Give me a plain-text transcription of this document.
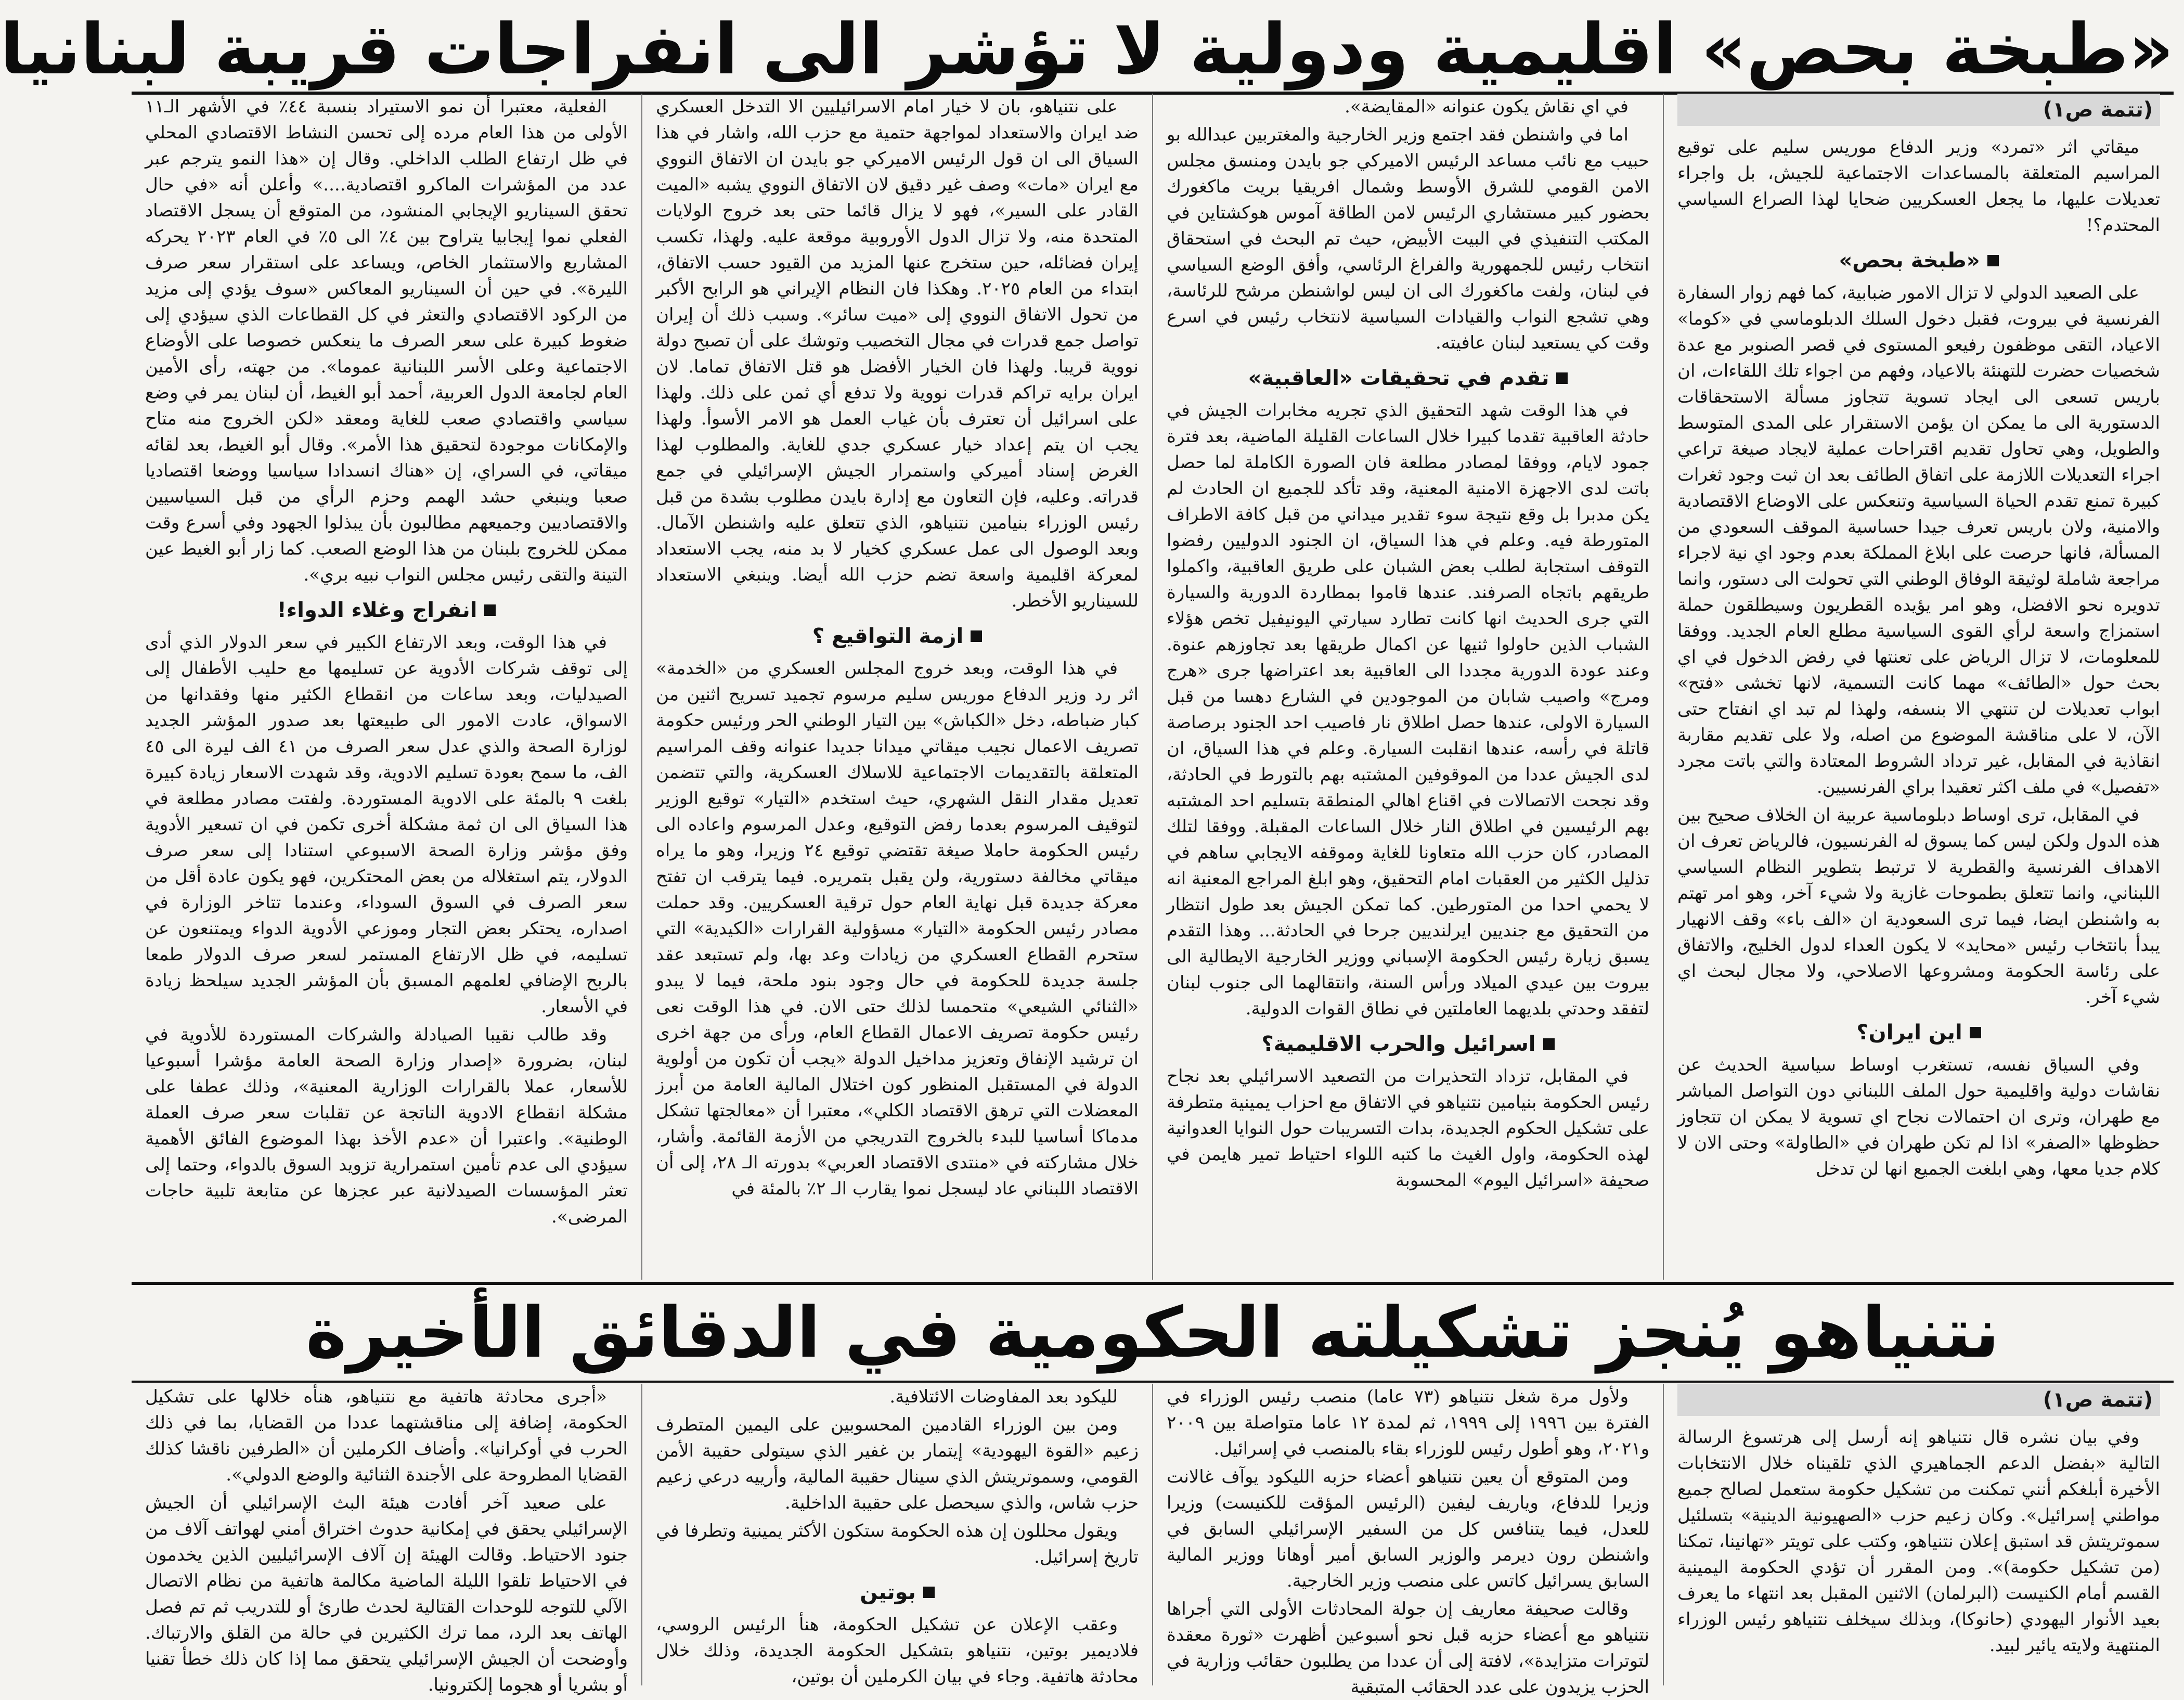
«طبخة بحص» اقليمية ودولية لا تؤشر الى انفراجات قريبة لبنانيا
(تتمة ص١)

ميقاتي اثر «تمرد» وزير الدفاع موريس سليم على توقيع المراسيم المتعلقة بالمساعدات الاجتماعية للجيش، بل واجراء تعديلات عليها، ما يجعل العسكريين ضحايا لهذا الصراع السياسي المحتدم؟!

«طبخة بحص»

على الصعيد الدولي لا تزال الامور ضبابية، كما فهم زوار السفارة الفرنسية في بيروت، فقبل دخول السلك الدبلوماسي في «كوما» الاعياد، التقى موظفون رفيعو المستوى في قصر الصنوبر مع عدة شخصيات حضرت للتهنئة بالاعياد، وفهم من اجواء تلك اللقاءات، ان باريس تسعى الى ايجاد تسوية تتجاوز مسألة الاستحقاقات الدستورية الى ما يمكن ان يؤمن الاستقرار على المدى المتوسط والطويل، وهي تحاول تقديم اقتراحات عملية لايجاد صيغة تراعي اجراء التعديلات اللازمة على اتفاق الطائف بعد ان ثبت وجود ثغرات كبيرة تمنع تقدم الحياة السياسية وتنعكس على الاوضاع الاقتصادية والامنية، ولان باريس تعرف جيدا حساسية الموقف السعودي من المسألة، فانها حرصت على ابلاغ المملكة بعدم وجود اي نية لاجراء مراجعة شاملة لوثيقة الوفاق الوطني التي تحولت الى دستور، وانما تدويره نحو الافضل، وهو امر يؤيده القطريون وسيطلقون حملة استمزاج واسعة لرأي القوى السياسية مطلع العام الجديد. ووفقا للمعلومات، لا تزال الرياض على تعنتها في رفض الدخول في اي بحث حول «الطائف» مهما كانت التسمية، لانها تخشى «فتح» ابواب تعديلات لن تنتهي الا بنسفه، ولهذا لم تبد اي انفتاح حتى الآن، لا على مناقشة الموضوع من اصله، ولا على تقديم مقاربة انقاذية في المقابل، غير ترداد الشروط المعتادة والتي باتت مجرد «تفصيل» في ملف اكثر تعقيدا براي الفرنسيين.

في المقابل، ترى اوساط دبلوماسية عربية ان الخلاف صحيح بين هذه الدول ولكن ليس كما يسوق له الفرنسيون، فالرياض تعرف ان الاهداف الفرنسية والقطرية لا ترتبط بتطوير النظام السياسي اللبناني، وانما تتعلق بطموحات غازية ولا شيء آخر، وهو امر تهتم به واشنطن ايضا، فيما ترى السعودية ان «الف باء» وقف الانهيار يبدأ بانتخاب رئيس «محايد» لا يكون العداء لدول الخليج، والاتفاق على رئاسة الحكومة ومشروعها الاصلاحي، ولا مجال لبحث اي شيء آخر.

اين ايران؟

وفي السياق نفسه، تستغرب اوساط سياسية الحديث عن نقاشات دولية واقليمية حول الملف اللبناني دون التواصل المباشر مع طهران، وترى ان احتمالات نجاح اي تسوية لا يمكن ان تتجاوز حظوظها «الصفر» اذا لم تكن طهران في «الطاولة» وحتى الان لا كلام جديا معها، وهي ابلغت الجميع انها لن تدخل

في اي نقاش يكون عنوانه «المقايضة».

اما في واشنطن فقد اجتمع وزير الخارجية والمغتربين عبدالله بو حبيب مع نائب مساعد الرئيس الاميركي جو بايدن ومنسق مجلس الامن القومي للشرق الأوسط وشمال افريقيا بريت ماكغورك بحضور كبير مستشاري الرئيس لامن الطاقة آموس هوكشتاين في المكتب التنفيذي في البيت الأبيض، حيث تم البحث في استحقاق انتخاب رئيس للجمهورية والفراغ الرئاسي، وأفق الوضع السياسي في لبنان، ولفت ماكغورك الى ان ليس لواشنطن مرشح للرئاسة، وهي تشجع النواب والقيادات السياسية لانتخاب رئيس في اسرع وقت كي يستعيد لبنان عافيته.

تقدم في تحقيقات «العاقبية»

في هذا الوقت شهد التحقيق الذي تجريه مخابرات الجيش في حادثة العاقبية تقدما كبيرا خلال الساعات القليلة الماضية، بعد فترة جمود لايام، ووفقا لمصادر مطلعة فان الصورة الكاملة لما حصل باتت لدى الاجهزة الامنية المعنية، وقد تأكد للجميع ان الحادث لم يكن مدبرا بل وقع نتيجة سوء تقدير ميداني من قبل كافة الاطراف المتورطة فيه. وعلم في هذا السياق، ان الجنود الدوليين رفضوا التوقف استجابة لطلب بعض الشبان على طريق العاقبية، واكملوا طريقهم باتجاه الصرفند. عندها قاموا بمطاردة الدورية والسيارة التي جرى الحديث انها كانت تطارد سيارتي اليونيفيل تخص هؤلاء الشباب الذين حاولوا ثنيها عن اكمال طريقها بعد تجاوزهم عنوة. وعند عودة الدورية مجددا الى العاقبية بعد اعتراضها جرى «هرج ومرج» واصيب شابان من الموجودين في الشارع دهسا من قبل السيارة الاولى، عندها حصل اطلاق نار فاصيب احد الجنود برصاصة قاتلة في رأسه، عندها انقلبت السيارة. وعلم في هذا السياق، ان لدى الجيش عددا من الموقوفين المشتبه بهم بالتورط في الحادثة، وقد نجحت الاتصالات في اقناع اهالي المنطقة بتسليم احد المشتبه بهم الرئيسين في اطلاق النار خلال الساعات المقبلة. ووفقا لتلك المصادر، كان حزب الله متعاونا للغاية وموقفه الايجابي ساهم في تذليل الكثير من العقبات امام التحقيق، وهو ابلغ المراجع المعنية انه لا يحمي احدا من المتورطين. كما تمكن الجيش بعد طول انتظار من التحقيق مع جنديين ايرلنديين جرحا في الحادثة... وهذا التقدم يسبق زيارة رئيس الحكومة الإسباني ووزير الخارجية الايطالية الى بيروت بين عيدي الميلاد ورأس السنة، وانتقالهما الى جنوب لبنان لتفقد وحدتي بلديهما العاملتين في نطاق القوات الدولية.

اسرائيل والحرب الاقليمية؟

في المقابل، تزداد التحذيرات من التصعيد الاسرائيلي بعد نجاح رئيس الحكومة بنيامين نتنياهو في الاتفاق مع احزاب يمينية متطرفة على تشكيل الحكوم الجديدة، بدات التسريبات حول النوايا العدوانية لهذه الحكومة، واول الغيث ما كتبه اللواء احتياط تمير هايمن في صحيفة «اسرائيل اليوم» المحسوبة

على نتنياهو، بان لا خيار امام الاسرائيليين الا التدخل العسكري ضد ايران والاستعداد لمواجهة حتمية مع حزب الله، واشار في هذا السياق الى ان قول الرئيس الاميركي جو بايدن ان الاتفاق النووي مع ايران «مات» وصف غير دقيق لان الاتفاق النووي يشبه «الميت القادر على السير»، فهو لا يزال قائما حتى بعد خروج الولايات المتحدة منه، ولا تزال الدول الأوروبية موقعة عليه. ولهذا، تكسب إيران فضائله، حين ستخرج عنها المزيد من القيود حسب الاتفاق، ابتداء من العام ٢٠٢٥. وهكذا فان النظام الإيراني هو الرابح الأكبر من تحول الاتفاق النووي إلى «ميت سائر». وسبب ذلك أن إيران تواصل جمع قدرات في مجال التخصيب وتوشك على أن تصبح دولة نووية قريبا. ولهذا فان الخيار الأفضل هو قتل الاتفاق تماما. لان ايران برايه تراكم قدرات نووية ولا تدفع أي ثمن على ذلك. ولهذا على اسرائيل أن تعترف بأن غياب العمل هو الامر الأسوأ. ولهذا يجب ان يتم إعداد خيار عسكري جدي للغاية. والمطلوب لهذا الغرض إسناد أميركي واستمرار الجيش الإسرائيلي في جمع قدراته. وعليه، فإن التعاون مع إدارة بايدن مطلوب بشدة من قبل رئيس الوزراء بنيامين نتنياهو، الذي تتعلق عليه واشنطن الآمال. وبعد الوصول الى عمل عسكري كخيار لا بد منه، يجب الاستعداد لمعركة اقليمية واسعة تضم حزب الله أيضا. وينبغي الاستعداد للسيناريو الأخطر.

ازمة التواقيع ؟

في هذا الوقت، وبعد خروج المجلس العسكري من «الخدمة» اثر رد وزير الدفاع موريس سليم مرسوم تجميد تسريح اثنين من كبار ضباطه، دخل «الكباش» بين التيار الوطني الحر ورئيس حكومة تصريف الاعمال نجيب ميقاتي ميدانا جديدا عنوانه وقف المراسيم المتعلقة بالتقديمات الاجتماعية للاسلاك العسكرية، والتي تتضمن تعديل مقدار النقل الشهري، حيث استخدم «التيار» توقيع الوزير لتوقيف المرسوم بعدما رفض التوقيع، وعدل المرسوم واعاده الى رئيس الحكومة حاملا صيغة تقتضي توقيع ٢٤ وزيرا، وهو ما يراه ميقاتي مخالفة دستورية، ولن يقبل بتمريره. فيما يترقب ان تفتح معركة جديدة قبل نهاية العام حول ترقية العسكريين. وقد حملت مصادر رئيس الحكومة «التيار» مسؤولية القرارات «الكيدية» التي ستحرم القطاع العسكري من زيادات وعد بها، ولم تستبعد عقد جلسة جديدة للحكومة في حال وجود بنود ملحة، فيما لا يبدو «الثنائي الشيعي» متحمسا لذلك حتى الان. في هذا الوقت نعى رئيس حكومة تصريف الاعمال القطاع العام، ورأى من جهة اخرى ان ترشيد الإنفاق وتعزيز مداخيل الدولة «يجب أن تكون من أولوية الدولة في المستقبل المنظور كون اختلال المالية العامة من أبرز المعضلات التي ترهق الاقتصاد الكلي»، معتبرا أن «معالجتها تشكل مدماكا أساسيا للبدء بالخروج التدريجي من الأزمة القائمة. وأشار، خلال مشاركته في «منتدى الاقتصاد العربي» بدورته الـ ٢٨، إلى أن الاقتصاد اللبناني عاد ليسجل نموا يقارب الـ ٢٪ بالمئة في

الفعلية، معتبرا أن نمو الاستيراد بنسبة ٤٤٪ في الأشهر الـ١١ الأولى من هذا العام مرده إلى تحسن النشاط الاقتصادي المحلي في ظل ارتفاع الطلب الداخلي. وقال إن «هذا النمو يترجم عبر عدد من المؤشرات الماكرو اقتصادية....» وأعلن أنه «في حال تحقق السيناريو الإيجابي المنشود، من المتوقع أن يسجل الاقتصاد الفعلي نموا إيجابيا يتراوح بين ٤٪ الى ٥٪ في العام ٢٠٢٣ يحركه المشاريع والاستثمار الخاص، ويساعد على استقرار سعر صرف الليرة». في حين أن السيناريو المعاكس «سوف يؤدي إلى مزيد من الركود الاقتصادي والتعثر في كل القطاعات الذي سيؤدي إلى ضغوط كبيرة على سعر الصرف ما ينعكس خصوصا على الأوضاع الاجتماعية وعلى الأسر اللبنانية عموما». من جهته، رأى الأمين العام لجامعة الدول العربية، أحمد أبو الغيط، أن لبنان يمر في وضع سياسي واقتصادي صعب للغاية ومعقد «لكن الخروج منه متاح والإمكانات موجودة لتحقيق هذا الأمر». وقال أبو الغيط، بعد لقائه ميقاتي، في السراي، إن «هناك انسدادا سياسيا ووضعا اقتصاديا صعبا وينبغي حشد الهمم وحزم الرأي من قبل السياسيين والاقتصاديين وجميعهم مطالبون بأن يبذلوا الجهود وفي أسرع وقت ممكن للخروج بلبنان من هذا الوضع الصعب. كما زار أبو الغيط عين التينة والتقى رئيس مجلس النواب نبيه بري».

انفراج وغلاء الدواء!

في هذا الوقت، وبعد الارتفاع الكبير في سعر الدولار الذي أدى إلى توقف شركات الأدوية عن تسليمها مع حليب الأطفال إلى الصيدليات، وبعد ساعات من انقطاع الكثير منها وفقدانها من الاسواق، عادت الامور الى طبيعتها بعد صدور المؤشر الجديد لوزارة الصحة والذي عدل سعر الصرف من ٤١ الف ليرة الى ٤٥ الف، ما سمح بعودة تسليم الادوية، وقد شهدت الاسعار زيادة كبيرة بلغت ٩ بالمئة على الادوية المستوردة. ولفتت مصادر مطلعة في هذا السياق الى ان ثمة مشكلة أخرى تكمن في ان تسعير الأدوية وفق مؤشر وزارة الصحة الاسبوعي استنادا إلى سعر صرف الدولار، يتم استغلاله من بعض المحتكرين، فهو يكون عادة أقل من سعر الصرف في السوق السوداء، وعندما تتاخر الوزارة في اصداره، يحتكر بعض التجار وموزعي الأدوية الدواء ويمتنعون عن تسليمه، في ظل الارتفاع المستمر لسعر صرف الدولار طمعا بالربح الإضافي لعلمهم المسبق بأن المؤشر الجديد سيلحظ زيادة في الأسعار.

وقد طالب نقيبا الصيادلة والشركات المستوردة للأدوية في لبنان، بضرورة «إصدار وزارة الصحة العامة مؤشرا أسبوعيا للأسعار، عملا بالقرارات الوزارية المعنية»، وذلك عطفا على مشكلة انقطاع الادوية الناتجة عن تقلبات سعر صرف العملة الوطنية». واعتبرا أن «عدم الأخذ بهذا الموضوع الفائق الأهمية سيؤدي الى عدم تأمين استمرارية تزويد السوق بالدواء، وحتما إلى تعثر المؤسسات الصيدلانية عبر عجزها عن متابعة تلبية حاجات المرضى».

نتنياهو يُنجز تشكيلته الحكومية في الدقائق الأخيرة
(تتمة ص١)

وفي بيان نشره قال نتنياهو إنه أرسل إلى هرتسوغ الرسالة التالية «بفضل الدعم الجماهيري الذي تلقيناه خلال الانتخابات الأخيرة أبلغكم أنني تمكنت من تشكيل حكومة ستعمل لصالح جميع مواطني إسرائيل». وكان زعيم حزب «الصهيونية الدينية» بتسلئيل سموتريتش قد استبق إعلان نتنياهو، وكتب على تويتر «تهانينا، تمكنا (من تشكيل حكومة)». ومن المقرر أن تؤدي الحكومة اليمينية القسم أمام الكنيست (البرلمان) الاثنين المقبل بعد انتهاء ما يعرف بعيد الأنوار اليهودي (حانوكا)، وبذلك سيخلف نتنياهو رئيس الوزراء المنتهية ولايته يائير لبيد.

ولأول مرة شغل نتنياهو (٧٣ عاما) منصب رئيس الوزراء في الفترة بين ١٩٩٦ إلى ١٩٩٩، ثم لمدة ١٢ عاما متواصلة بين ٢٠٠٩ و٢٠٢١، وهو أطول رئيس للوزراء بقاء بالمنصب في إسرائيل.

ومن المتوقع أن يعين نتنياهو أعضاء حزبه الليكود يوآف غالانت وزيرا للدفاع، وياريف ليفين (الرئيس المؤقت للكنيست) وزيرا للعدل، فيما يتنافس كل من السفير الإسرائيلي السابق في واشنطن رون ديرمر والوزير السابق أمير أوهانا ووزير المالية السابق يسرائيل كاتس على منصب وزير الخارجية.

وقالت صحيفة معاريف إن جولة المحادثات الأولى التي أجراها نتنياهو مع أعضاء حزبه قبل نحو أسبوعين أظهرت «ثورة معقدة لتوترات متزايدة»، لافتة إلى أن عددا من يطلبون حقائب وزارية في الحزب يزيدون على عدد الحقائب المتبقية

لليكود بعد المفاوضات الائتلافية.

ومن بين الوزراء القادمين المحسوبين على اليمين المتطرف زعيم «القوة اليهودية» إيتمار بن غفير الذي سيتولى حقيبة الأمن القومي، وسموتريتش الذي سينال حقيبة المالية، وأرييه درعي زعيم حزب شاس، والذي سيحصل على حقيبة الداخلية.

ويقول محللون إن هذه الحكومة ستكون الأكثر يمينية وتطرفا في تاريخ إسرائيل.

بوتين

وعقب الإعلان عن تشكيل الحكومة، هنأ الرئيس الروسي، فلاديمير بوتين، نتنياهو بتشكيل الحكومة الجديدة، وذلك خلال محادثة هاتفية. وجاء في بيان الكرملين أن بوتين،

«أجرى محادثة هاتفية مع نتنياهو، هنأه خلالها على تشكيل الحكومة، إضافة إلى مناقشتهما عددا من القضايا، بما في ذلك الحرب في أوكرانيا». وأضاف الكرملين أن «الطرفين ناقشا كذلك القضايا المطروحة على الأجندة الثنائية والوضع الدولي».

على صعيد آخر أفادت هيئة البث الإسرائيلي أن الجيش الإسرائيلي يحقق في إمكانية حدوث اختراق أمني لهواتف آلاف من جنود الاحتياط. وقالت الهيئة إن آلاف الإسرائيليين الذين يخدمون في الاحتياط تلقوا الليلة الماضية مكالمة هاتفية من نظام الاتصال الآلي للتوجه للوحدات القتالية لحدث طارئ أو للتدريب ثم تم فصل الهاتف بعد الرد، مما ترك الكثيرين في حالة من القلق والارتباك. وأوضحت أن الجيش الإسرائيلي يتحقق مما إذا كان ذلك خطأ تقنيا أو بشريا أو هجوما إلكترونيا.
